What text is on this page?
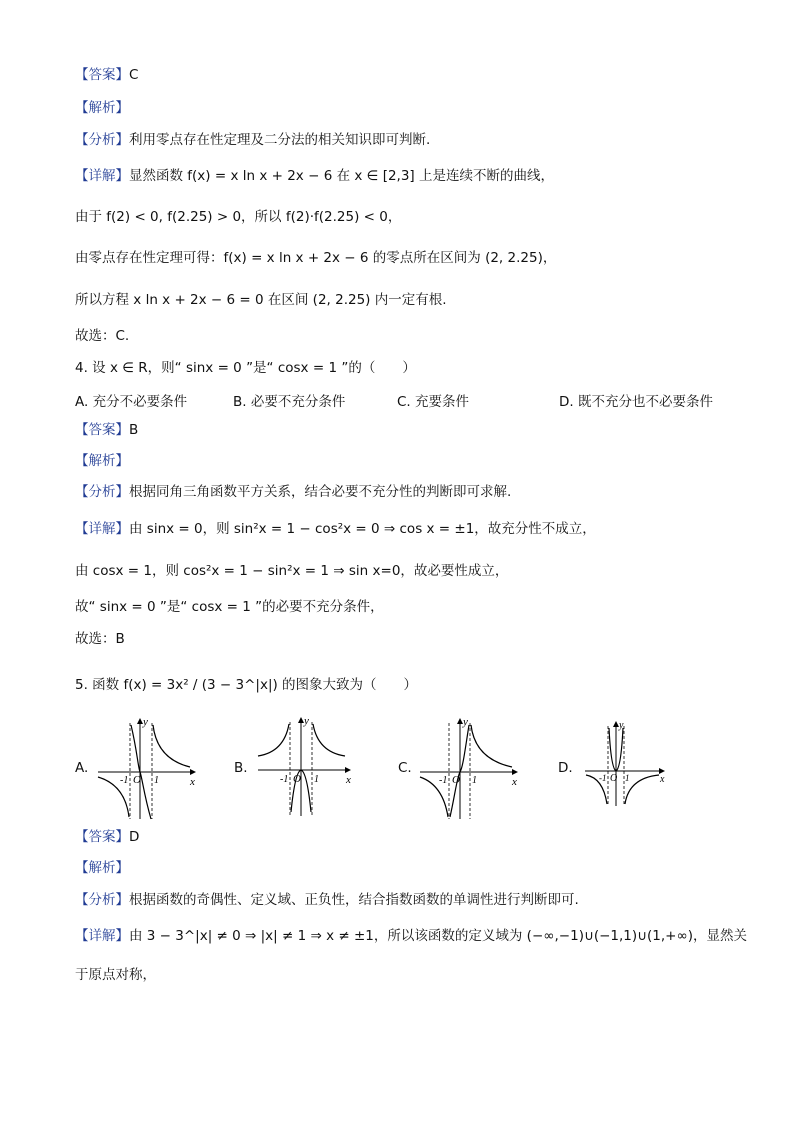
【答案】C
【解析】
【分析】利用零点存在性定理及二分法的相关知识即可判断.
【详解】显然函数 f(x) = x ln x + 2x − 6 在 x ∈ [2,3] 上是连续不断的曲线，
由于 f(2) < 0, f(2.25) > 0，所以 f(2)·f(2.25) < 0，
由零点存在性定理可得：f(x) = x ln x + 2x − 6 的零点所在区间为 (2, 2.25)，
所以方程 x ln x + 2x − 6 = 0 在区间 (2, 2.25) 内一定有根.
故选：C.
4. 设 x ∈ R，则“ sinx = 0 ”是“ cosx = 1 ”的（　　）
A. 充分不必要条件	B. 必要不充分条件	C. 充要条件	D. 既不充分也不必要条件
【答案】B
【解析】
【分析】根据同角三角函数平方关系，结合必要不充分性的判断即可求解.
【详解】由 sinx = 0，则 sin²x = 1 − cos²x = 0 ⇒ cos x = ±1，故充分性不成立，
由 cosx = 1，则 cos²x = 1 − sin²x = 1 ⇒ sin x=0，故必要性成立，
故“ sinx = 0 ”是“ cosx = 1 ”的必要不充分条件，
故选：B
5. 函数 f(x) = 3x² / (3 − 3^|x|) 的图象大致为（　　）
A.	B.	C.	D.
y
x
O
-1	1
y
x
O
-1	1
y
x
O
-1 1
y
x
O
-1 1
【答案】D
【解析】
【分析】根据函数的奇偶性、定义域、正负性，结合指数函数的单调性进行判断即可.
【详解】由 3 − 3^|x| ≠ 0 ⇒ |x| ≠ 1 ⇒ x ≠ ±1，所以该函数的定义域为 (−∞,−1)∪(−1,1)∪(1,+∞)，显然关
于原点对称，
